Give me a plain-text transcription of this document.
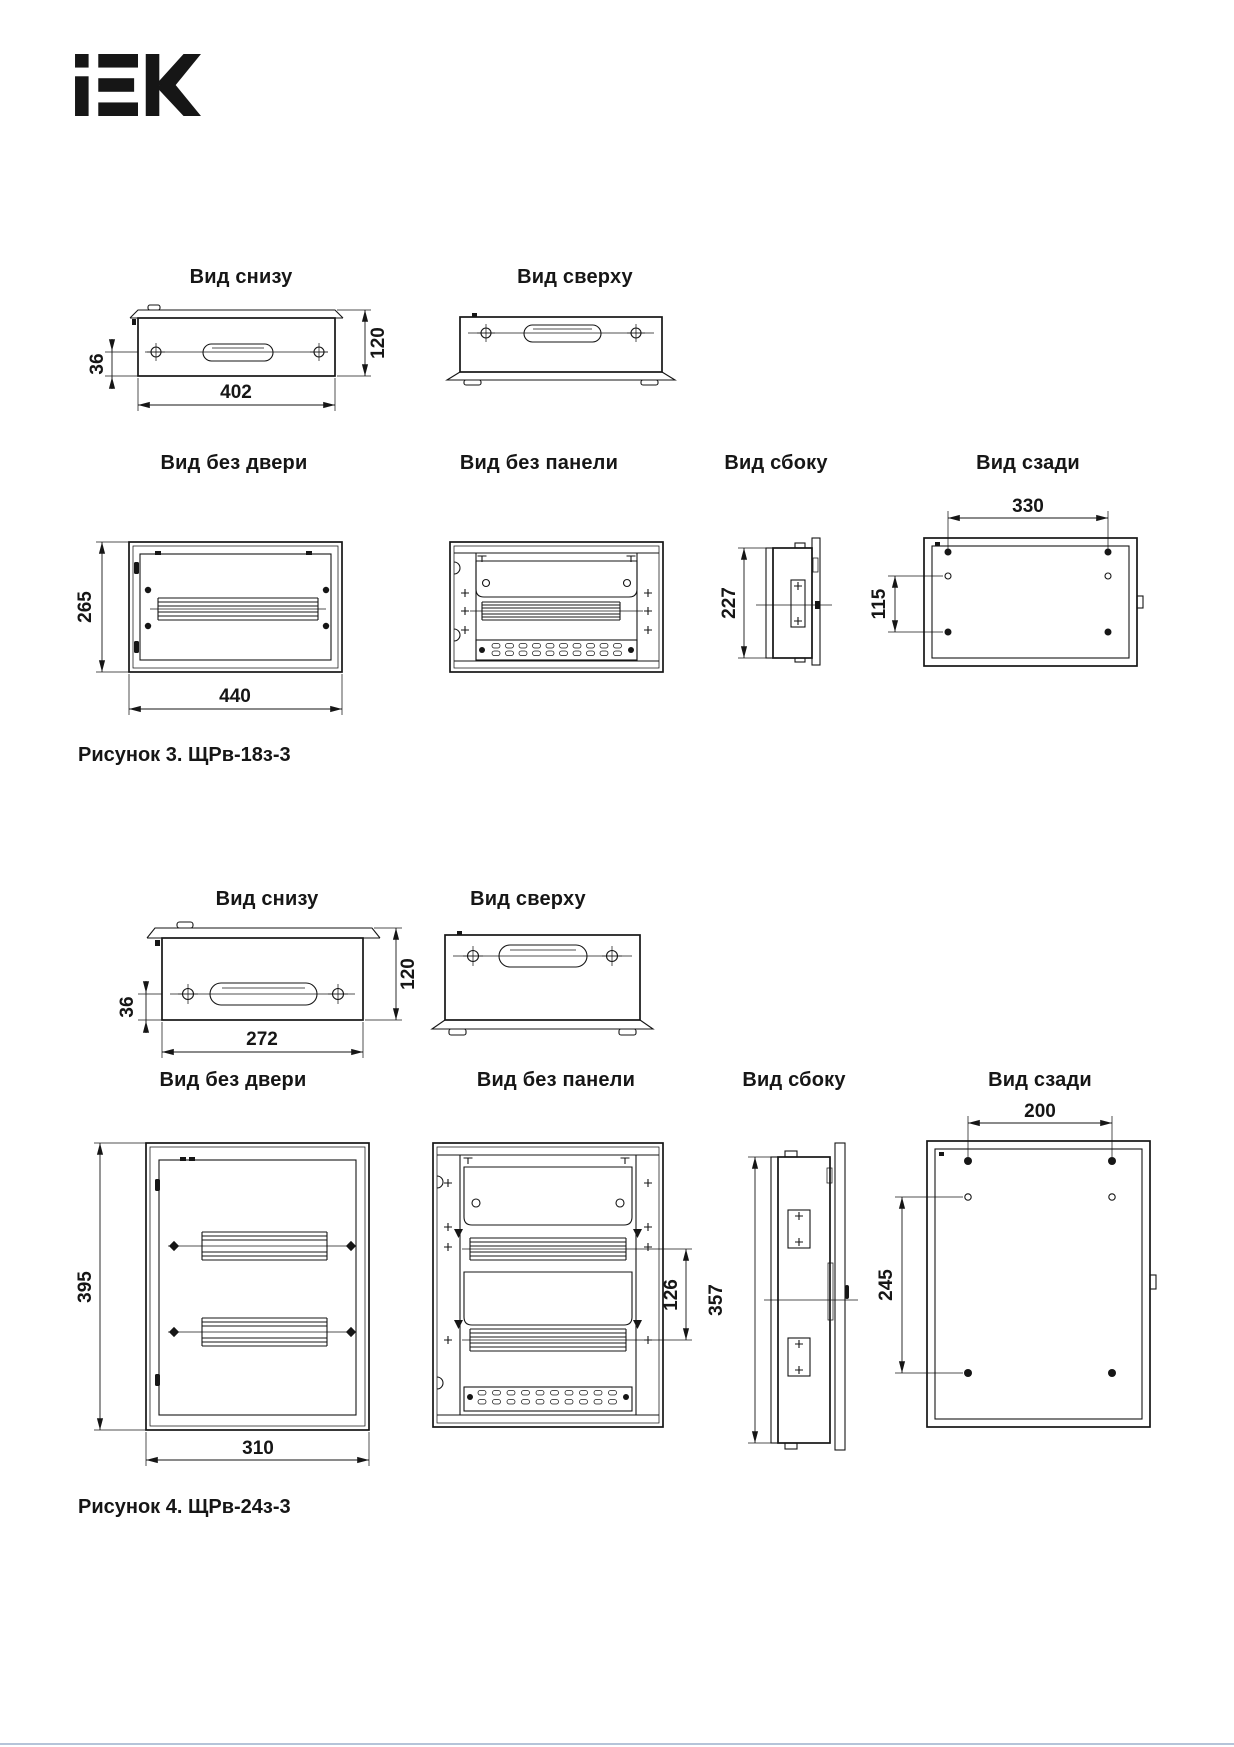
Вид снизу	Вид сверху
Вид без двери	Вид без панели	Вид сбоку	Вид сзади
36
120
402
265
440
227
330
115
Рисунок 3. ЩРв-18з-3
Вид снизу	Вид сверху
Вид без двери	Вид без панели	Вид сбоку	Вид сзади
36
272
120
395
310
126 357
200
245
Рисунок 4. ЩРв-24з-3
